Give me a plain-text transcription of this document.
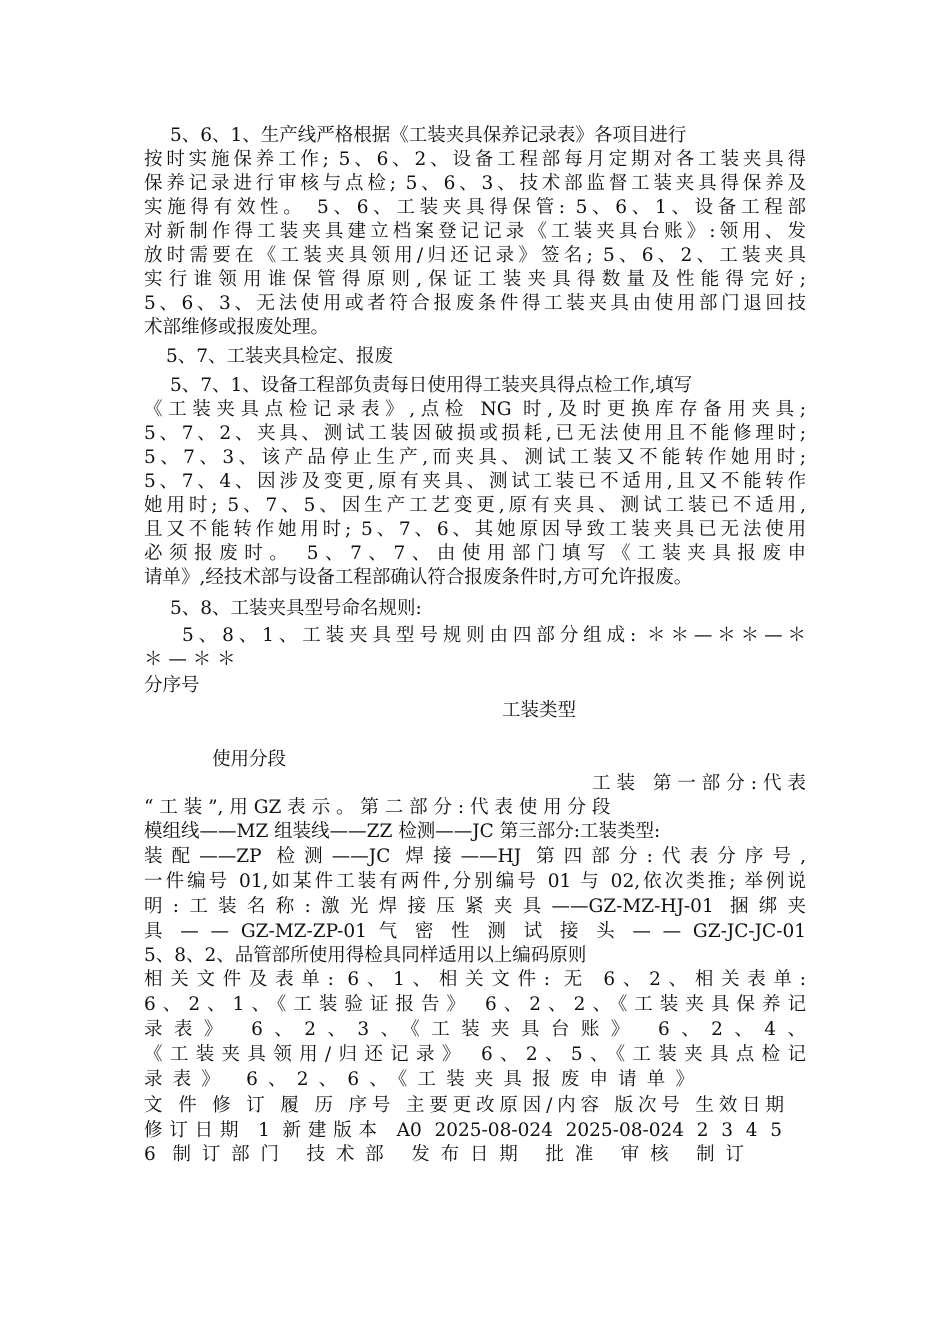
5、6、1、生产线严格根据《工装夹具保养记录表》各项目进行
按时实施保养工作; 5、6、2、设备工程部每月定期对各工装夹具得
保养记录进行审核与点检; 5、6、3、技术部监督工装夹具得保养及
实施得有效性。 5、6、工装夹具得保管: 5、6、1、设备工程部
对新制作得工装夹具建立档案登记记录《工装夹具台账》:领用、发
放时需要在《工装夹具领用/归还记录》签名; 5、6、2、工装夹具
实行谁领用谁保管得原则,保证工装夹具得数量及性能得完好;
5、6、3、无法使用或者符合报废条件得工装夹具由使用部门退回技
术部维修或报废处理。
5、7、工装夹具检定、报废
5、7、1、设备工程部负责每日使用得工装夹具得点检工作,填写
《工装夹具点检记录表》,点检 NG 时,及时更换库存备用夹具;
5、7、2、夹具、测试工装因破损或损耗,已无法使用且不能修理时;
5、7、3、该产品停止生产,而夹具、测试工装又不能转作她用时;
5、7、4、因涉及变更,原有夹具、测试工装已不适用,且又不能转作
她用时; 5、7、5、因生产工艺变更,原有夹具、测试工装已不适用,
且又不能转作她用时; 5、7、6、其她原因导致工装夹具已无法使用
必须报废时。 5、7、7、由使用部门填写《工装夹具报废申
请单》,经技术部与设备工程部确认符合报废条件时,方可允许报废。
5、8、工装夹具型号命名规则:
5、8、1、工装夹具型号规则由四部分组成: ＊＊—＊＊—＊
＊ — ＊ ＊
分序号
工装类型
使用分段
工装 第一部分:代表
“ 工 装 ”, 用 GZ 表 示 。 第 二 部 分 : 代 表 使 用 分 段
模组线——MZ 组装线——ZZ 检测——JC 第三部分:工装类型:
装配——ZP 检测——JC 焊接——HJ 第四部分:代表分序号,
一件编号 01,如某件工装有两件,分别编号 01 与 02,依次类推; 举例说
明:工装名称:激光焊接压紧夹具——GZ-MZ-HJ-01 捆绑夹
具 — — GZ-MZ-ZP-01 气 密 性 测 试 接 头 — — GZ-JC-JC-01
5、8、2、品管部所使用得检具同样适用以上编码原则
相关文件及表单: 6、1、相关文件: 无 6、2、相关表单:
6、2、1、《工装验证报告》 6、2、2、《工装夹具保养记
录表》 6、2、3、《工装夹具台账》 6、2、4、
《工装夹具领用/归还记录》 6、2、5、《工装夹具点检记
录表》 6、2、6、《工装夹具报废申请单》
文 件 修 订 履 历 序号 主要更改原因/内容 版次号 生效日期
修订日期 1 新建版本 A0 2025-08-024 2025-08-024 2 3 4 5
6 制订部门 技术部 发布日期 批准 审核 制订
